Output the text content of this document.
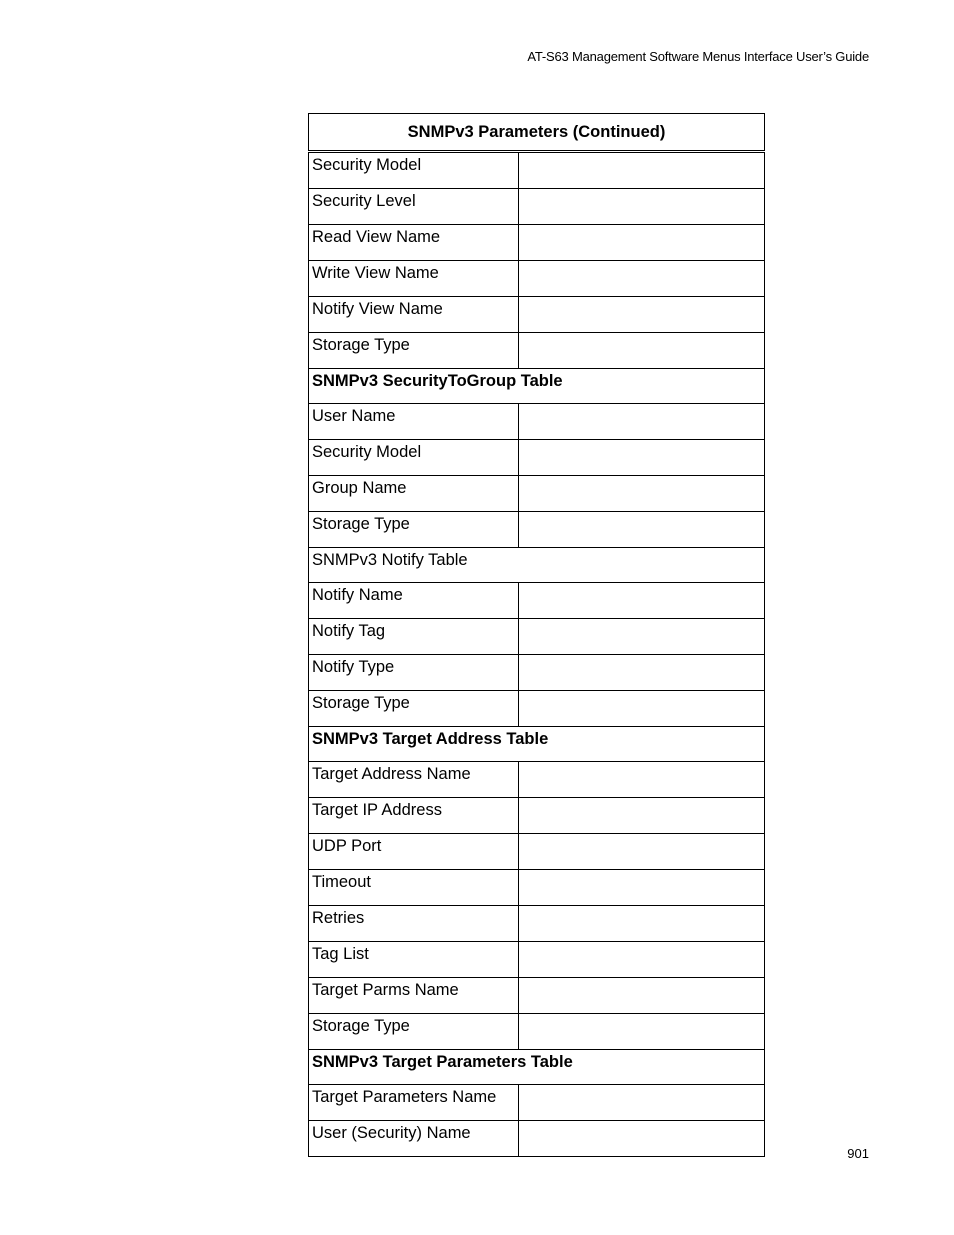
AT-S63 Management Software Menus Interface User’s Guide
SNMPv3 Parameters (Continued)	
Security Model	
Security Level	
Read View Name	
Write View Name	
Notify View Name	
Storage Type	
SNMPv3 SecurityToGroup Table	
User Name	
Security Model	
Group Name	
Storage Type	
SNMPv3 Notify Table	
Notify Name	
Notify Tag	
Notify Type	
Storage Type	
SNMPv3 Target Address Table	
Target Address Name	
Target IP Address	
UDP Port	
Timeout	
Retries	
Tag List	
Target Parms Name	
Storage Type	
SNMPv3 Target Parameters Table	
Target Parameters Name	
User (Security) Name	
901
